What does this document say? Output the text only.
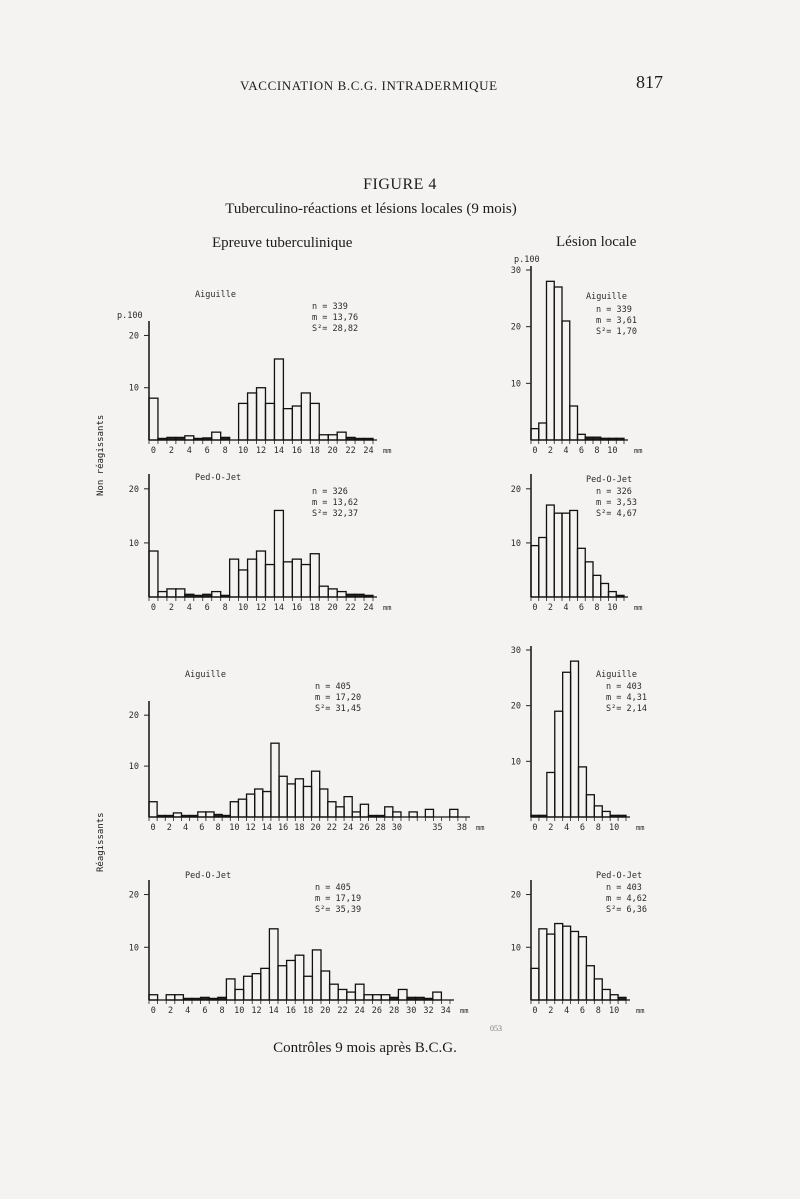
VACCINATION B.C.G. INTRADERMIQUE	817
FIGURE 4
Tuberculino-réactions et lésions locales (9 mois)
Epreuve tuberculinique	Lésion locale
Non réagissants
Réagissants
0 2 4 6 8 10 12 14 16 18 20 22 24 mm
10
20
p.100
Aiguille
n = 339
m = 13,76
S²= 28,82
0 2 4 6 8 10 12 14 16 18 20 22 24 mm
10
20
Ped-O-Jet
n = 326
m = 13,62
S²= 32,37
0 2 4 6 8 10 mm
10
20
30
p.100
Aiguille
n = 339
m = 3,61
S²= 1,70
0 2 4 6 8 10 mm
10
20
Ped-O-Jet
n = 326
m = 3,53
S²= 4,67
0 2 4 6 8 10 12 14 16 18 20 22 24 26 28 30	35 38 mm
10
20
Aiguille
n = 405
m = 17,20
S²= 31,45
0 2 4 6 8 10 12 14 16 18 20 22 24 26 28 30 32 34 mm
10
20
Ped-O-Jet
n = 405
m = 17,19
S²= 35,39
0 2 4 6 8 10 mm
10
20
30
Aiguille
n = 403
m = 4,31
S²= 2,14
0 2 4 6 8 10 mm
10
20
Ped-O-Jet
n = 403
m = 4,62
S²= 6,36
053
Contrôles 9 mois après B.C.G.
